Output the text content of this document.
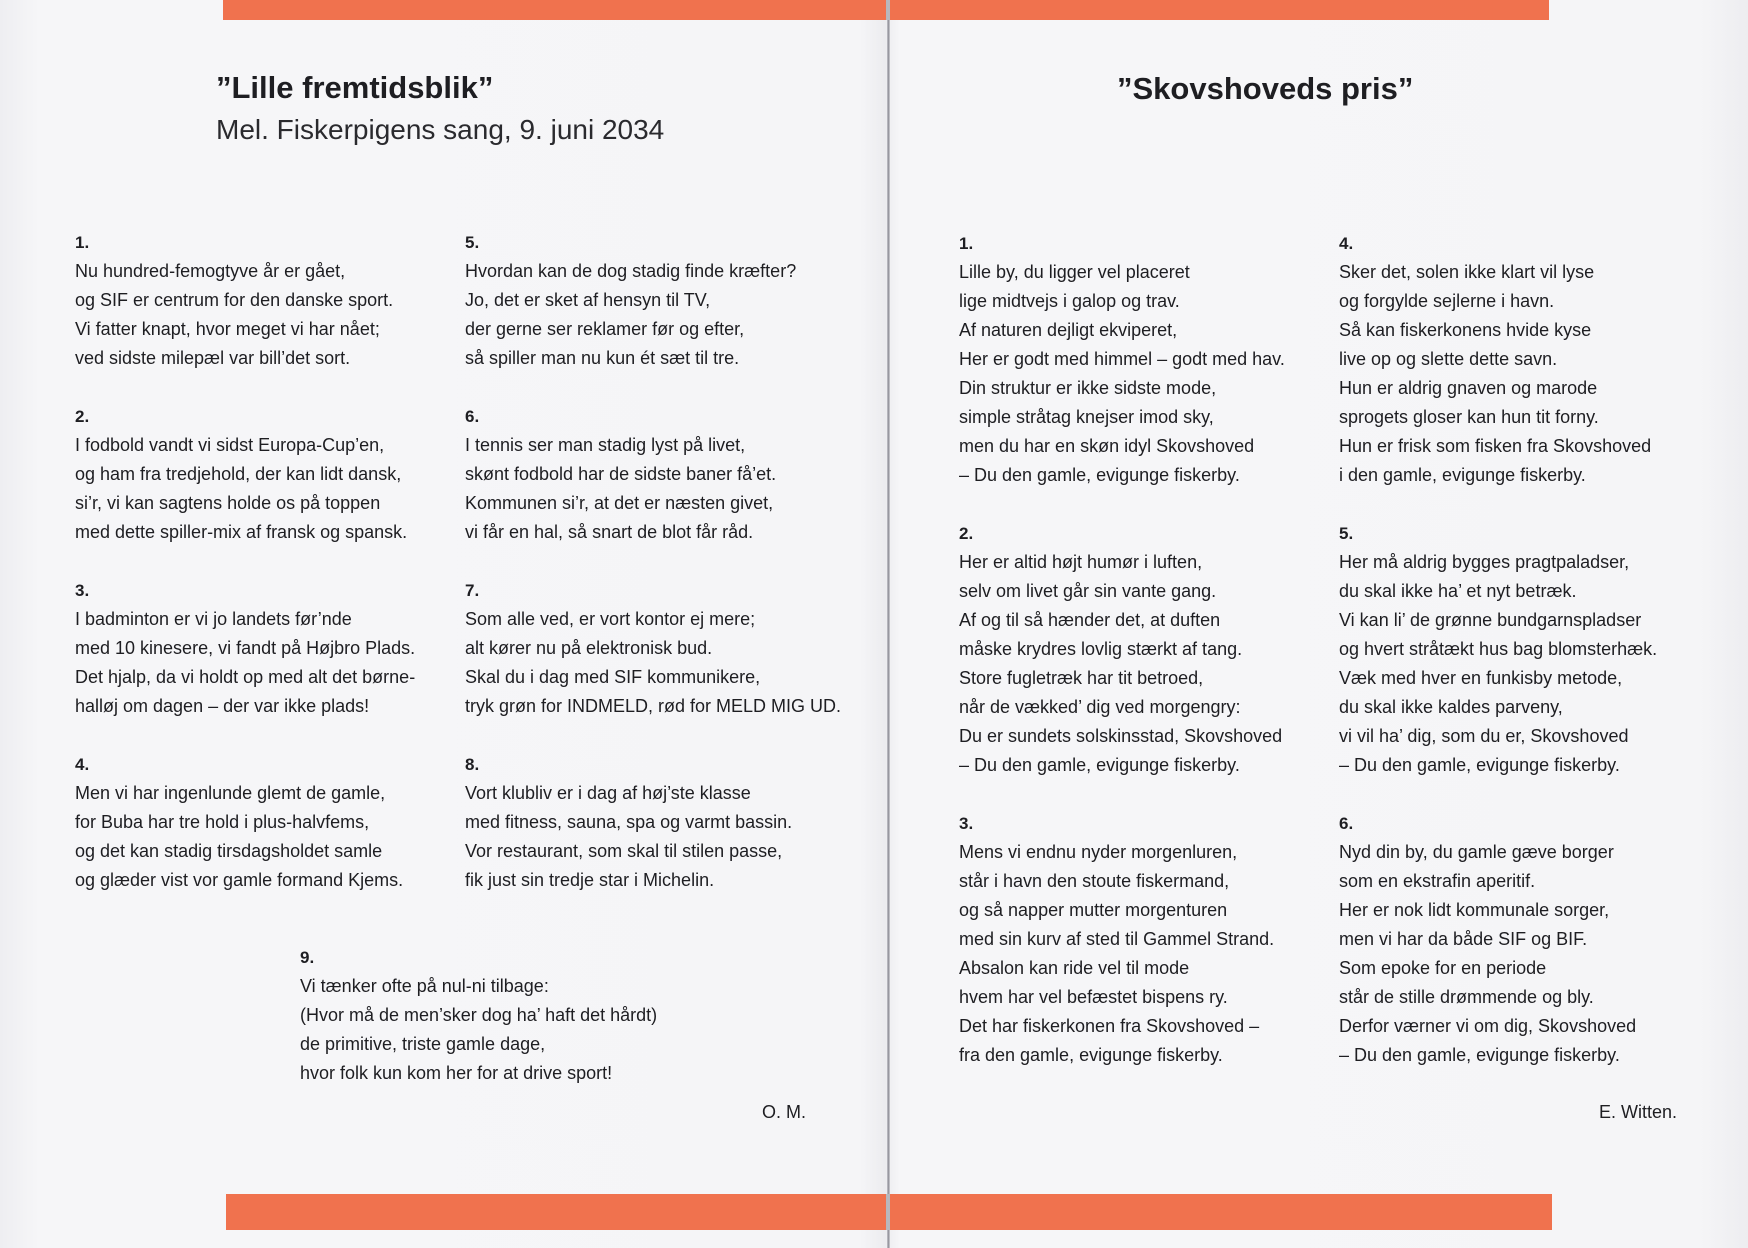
”Lille fremtidsblik”
Mel. Fiskerpigens sang, 9. juni 2034
1.
Nu hundred-femogtyve år er gået,
og SIF er centrum for den danske sport.
Vi fatter knapt, hvor meget vi har nået;
ved sidste milepæl var bill’det sort.
2.
I fodbold vandt vi sidst Europa-Cup’en,
og ham fra tredjehold, der kan lidt dansk,
si’r, vi kan sagtens holde os på toppen
med dette spiller-mix af fransk og spansk.
3.
I badminton er vi jo landets før’nde
med 10 kinesere, vi fandt på Højbro Plads.
Det hjalp, da vi holdt op med alt det børne-
halløj om dagen – der var ikke plads!
4.
Men vi har ingenlunde glemt de gamle,
for Buba har tre hold i plus-halvfems,
og det kan stadig tirsdagsholdet samle
og glæder vist vor gamle formand Kjems.
5.
Hvordan kan de dog stadig finde kræfter?
Jo, det er sket af hensyn til TV,
der gerne ser reklamer før og efter,
så spiller man nu kun ét sæt til tre.
6.
I tennis ser man stadig lyst på livet,
skønt fodbold har de sidste baner få’et.
Kommunen si’r, at det er næsten givet,
vi får en hal, så snart de blot får råd.
7.
Som alle ved, er vort kontor ej mere;
alt kører nu på elektronisk bud.
Skal du i dag med SIF kommunikere,
tryk grøn for INDMELD, rød for MELD MIG UD.
8.
Vort klubliv er i dag af høj’ste klasse
med fitness, sauna, spa og varmt bassin.
Vor restaurant, som skal til stilen passe,
fik just sin tredje star i Michelin.
9.
Vi tænker ofte på nul-ni tilbage:
(Hvor må de men’sker dog ha’ haft det hårdt)
de primitive, triste gamle dage,
hvor folk kun kom her for at drive sport!
O. M.
”Skovshoveds pris”
1.
Lille by, du ligger vel placeret
lige midtvejs i galop og trav.
Af naturen dejligt ekviperet,
Her er godt med himmel – godt med hav.
Din struktur er ikke sidste mode,
simple stråtag knejser imod sky,
men du har en skøn idyl Skovshoved
– Du den gamle, evigunge fiskerby.
2.
Her er altid højt humør i luften,
selv om livet går sin vante gang.
Af og til så hænder det, at duften
måske krydres lovlig stærkt af tang.
Store fugletræk har tit betroed,
når de vækked’ dig ved morgengry:
Du er sundets solskinsstad, Skovshoved
– Du den gamle, evigunge fiskerby.
3.
Mens vi endnu nyder morgenluren,
står i havn den stoute fiskermand,
og så napper mutter morgenturen
med sin kurv af sted til Gammel Strand.
Absalon kan ride vel til mode
hvem har vel befæstet bispens ry.
Det har fiskerkonen fra Skovshoved –
fra den gamle, evigunge fiskerby.
4.
Sker det, solen ikke klart vil lyse
og forgylde sejlerne i havn.
Så kan fiskerkonens hvide kyse
live op og slette dette savn.
Hun er aldrig gnaven og marode
sprogets gloser kan hun tit forny.
Hun er frisk som fisken fra Skovshoved
i den gamle, evigunge fiskerby.
5.
Her må aldrig bygges pragtpaladser,
du skal ikke ha’ et nyt betræk.
Vi kan li’ de grønne bundgarnspladser
og hvert stråtækt hus bag blomsterhæk.
Væk med hver en funkisby metode,
du skal ikke kaldes parveny,
vi vil ha’ dig, som du er, Skovshoved
– Du den gamle, evigunge fiskerby.
6.
Nyd din by, du gamle gæve borger
som en ekstrafin aperitif.
Her er nok lidt kommunale sorger,
men vi har da både SIF og BIF.
Som epoke for en periode
står de stille drømmende og bly.
Derfor værner vi om dig, Skovshoved
– Du den gamle, evigunge fiskerby.
E. Witten.
